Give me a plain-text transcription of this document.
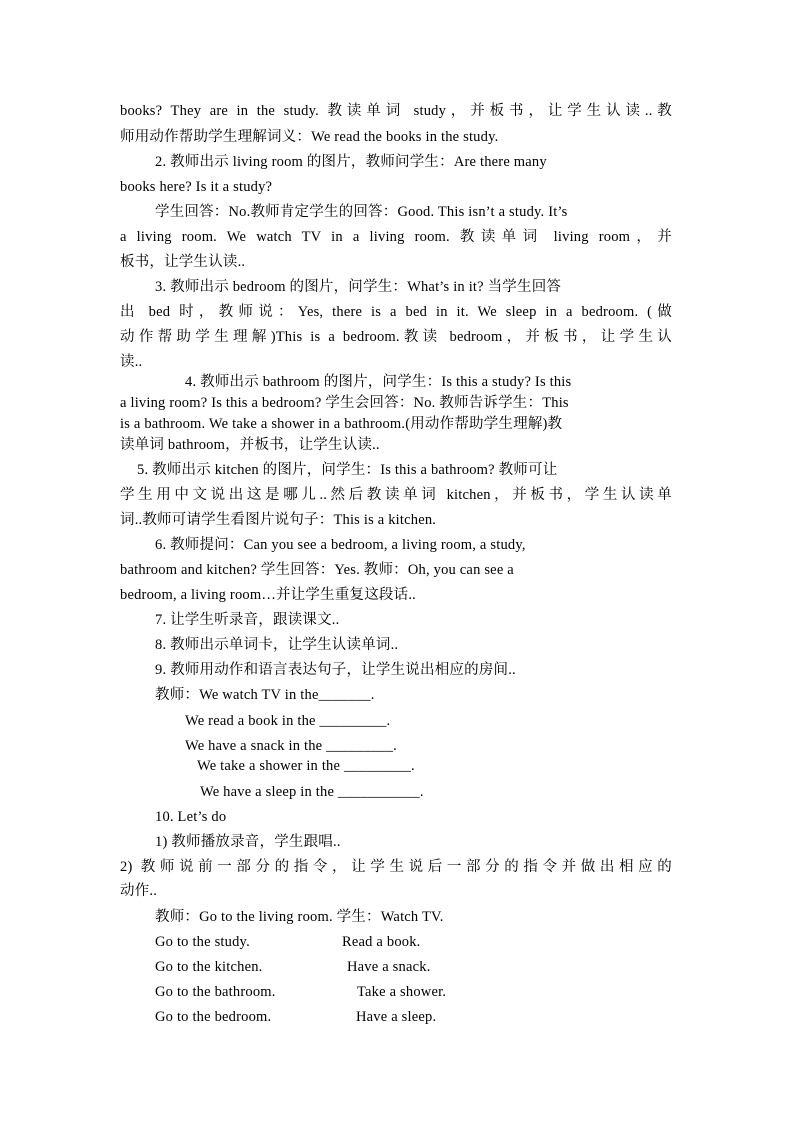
books? They are in the study. 教读单词 study，并板书，让学生认读..教
师用动作帮助学生理解词义：We read the books in the study.
2. 教师出示 living room 的图片，教师问学生：Are there many
books here? Is it a study?
学生回答：No.教师肯定学生的回答：Good. This isn’t a study. It’s
a living room. We watch TV in a living room. 教读单词 living room，并
板书，让学生认读..
3. 教师出示 bedroom 的图片，问学生：What’s in it? 当学生回答
出 bed 时，教师说：Yes, there is a bed in it. We sleep in a bedroom. (做
动作帮助学生理解)This is a bedroom.教读 bedroom，并板书，让学生认
读..
4. 教师出示 bathroom 的图片，问学生：Is this a study? Is this
a living room? Is this a bedroom? 学生会回答：No. 教师告诉学生：This
is a bathroom. We take a shower in a bathroom.(用动作帮助学生理解)教
读单词 bathroom，并板书，让学生认读..
5. 教师出示 kitchen 的图片，问学生：Is this a bathroom? 教师可让
学生用中文说出这是哪儿..然后教读单词 kitchen，并板书，学生认读单
词..教师可请学生看图片说句子：This is a kitchen.
6. 教师提问：Can you see a bedroom, a living room, a study,
bathroom and kitchen? 学生回答：Yes. 教师：Oh, you can see a
bedroom, a living room…并让学生重复这段话..
7. 让学生听录音，跟读课文..
8. 教师出示单词卡，让学生认读单词..
9. 教师用动作和语言表达句子，让学生说出相应的房间..
教师：We watch TV in the_______.
We read a book in the _________.
We have a snack in the _________.
We take a shower in the _________.
We have a sleep in the ___________.
10. Let’s do
1) 教师播放录音，学生跟唱..
2) 教师说前一部分的指令，让学生说后一部分的指令并做出相应的
动作..
教师：Go to the living room. 学生：Watch TV.
Go to the study.	Read a book.
Go to the kitchen.	Have a snack.
Go to the bathroom.	Take a shower.
Go to the bedroom.	Have a sleep.
